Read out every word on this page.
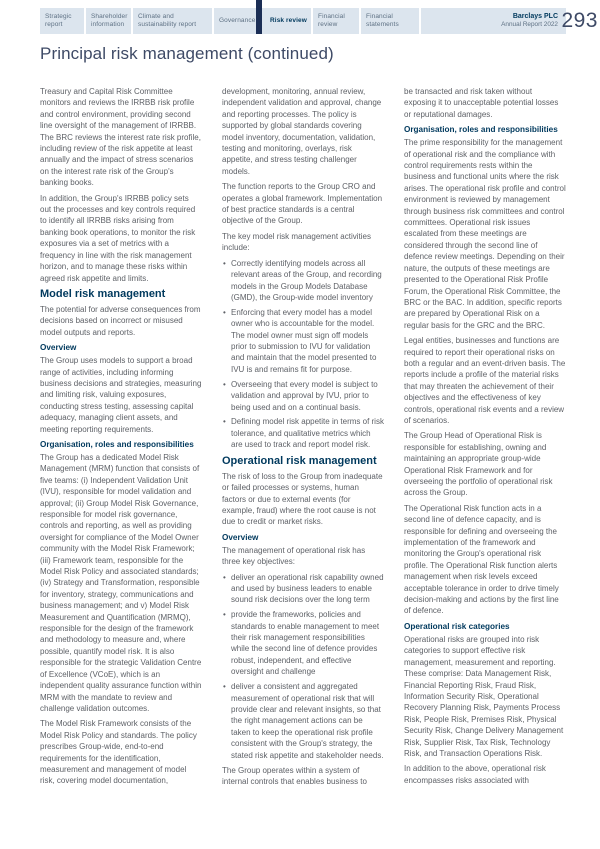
Strategic report
Shareholder information
Climate and sustainability report
Governance Risk review
Financial review
Financial statements
Barclays PLC
Annual Report 2022 293
Principal risk management (continued)
Treasury and Capital Risk Committee monitors and reviews the IRRBB risk profile and control environment, providing second line oversight of the management of IRRBB. The BRC reviews the interest rate risk profile, including review of the risk appetite at least annually and the impact of stress scenarios on the interest rate risk of the Group's banking books.
In addition, the Group's IRRBB policy sets out the processes and key controls required to identify all IRRBB risks arising from banking book operations, to monitor the risk exposures via a set of metrics with a frequency in line with the risk management horizon, and to manage these risks within agreed risk appetite and limits.
Model risk management
The potential for adverse consequences from decisions based on incorrect or misused model outputs and reports.
Overview
The Group uses models to support a broad range of activities, including informing business decisions and strategies, measuring and limiting risk, valuing exposures, conducting stress testing, assessing capital adequacy, managing client assets, and meeting reporting requirements.
Organisation, roles and responsibilities
The Group has a dedicated Model Risk Management (MRM) function that consists of five teams: (i) Independent Validation Unit (IVU), responsible for model validation and approval; (ii) Group Model Risk Governance, responsible for model risk governance, controls and reporting, as well as providing oversight for compliance of the Model Owner community with the Model Risk Framework; (iii) Framework team, responsible for the Model Risk Policy and associated standards; (iv) Strategy and Transformation, responsible for inventory, strategy, communications and business management; and v) Model Risk Measurement and Quantification (MRMQ), responsible for the design of the framework and methodology to measure and, where possible, quantify model risk. It is also responsible for the strategic Validation Centre of Excellence (VCoE), which is an independent quality assurance function within MRM with the mandate to review and challenge validation outcomes.
The Model Risk Framework consists of the Model Risk Policy and standards. The policy prescribes Group-wide, end-to-end requirements for the identification, measurement and management of model risk, covering model documentation,
development, monitoring, annual review, independent validation and approval, change and reporting processes. The policy is supported by global standards covering model inventory, documentation, validation, testing and monitoring, overlays, risk appetite, and stress testing challenger models.
The function reports to the Group CRO and operates a global framework. Implementation of best practice standards is a central objective of the Group.
The key model risk management activities include:
• Correctly identifying models across all relevant areas of the Group, and recording models in the Group Models Database (GMD), the Group-wide model inventory
• Enforcing that every model has a model owner who is accountable for the model. The model owner must sign off models prior to submission to IVU for validation and maintain that the model presented to IVU is and remains fit for purpose.
• Overseeing that every model is subject to validation and approval by IVU, prior to being used and on a continual basis.
• Defining model risk appetite in terms of risk tolerance, and qualitative metrics which are used to track and report model risk.
Operational risk management
The risk of loss to the Group from inadequate or failed processes or systems, human factors or due to external events (for example, fraud) where the root cause is not due to credit or market risks.
Overview
The management of operational risk has three key objectives:
• deliver an operational risk capability owned and used by business leaders to enable sound risk decisions over the long term
• provide the frameworks, policies and standards to enable management to meet their risk management responsibilities while the second line of defence provides robust, independent, and effective oversight and challenge
• deliver a consistent and aggregated measurement of operational risk that will provide clear and relevant insights, so that the right management actions can be taken to keep the operational risk profile consistent with the Group's strategy, the stated risk appetite and stakeholder needs.
The Group operates within a system of internal controls that enables business to
be transacted and risk taken without exposing it to unacceptable potential losses or reputational damages.
Organisation, roles and responsibilities
The prime responsibility for the management of operational risk and the compliance with control requirements rests within the business and functional units where the risk arises. The operational risk profile and control environment is reviewed by management through business risk committees and control committees. Operational risk issues escalated from these meetings are considered through the second line of defence review meetings. Depending on their nature, the outputs of these meetings are presented to the Operational Risk Profile Forum, the Operational Risk Committee, the BRC or the BAC. In addition, specific reports are prepared by Operational Risk on a regular basis for the GRC and the BRC.
Legal entities, businesses and functions are required to report their operational risks on both a regular and an event-driven basis. The reports include a profile of the material risks that may threaten the achievement of their objectives and the effectiveness of key controls, operational risk events and a review of scenarios.
The Group Head of Operational Risk is responsible for establishing, owning and maintaining an appropriate group-wide Operational Risk Framework and for overseeing the portfolio of operational risk across the Group.
The Operational Risk function acts in a second line of defence capacity, and is responsible for defining and overseeing the implementation of the framework and monitoring the Group's operational risk profile. The Operational Risk function alerts management when risk levels exceed acceptable tolerance in order to drive timely decision-making and actions by the first line of defence.
Operational risk categories
Operational risks are grouped into risk categories to support effective risk management, measurement and reporting. These comprise: Data Management Risk, Financial Reporting Risk, Fraud Risk, Information Security Risk, Operational Recovery Planning Risk, Payments Process Risk, People Risk, Premises Risk, Physical Security Risk, Change Delivery Management Risk, Supplier Risk, Tax Risk, Technology Risk, and Transaction Operations Risk.
In addition to the above, operational risk encompasses risks associated with
